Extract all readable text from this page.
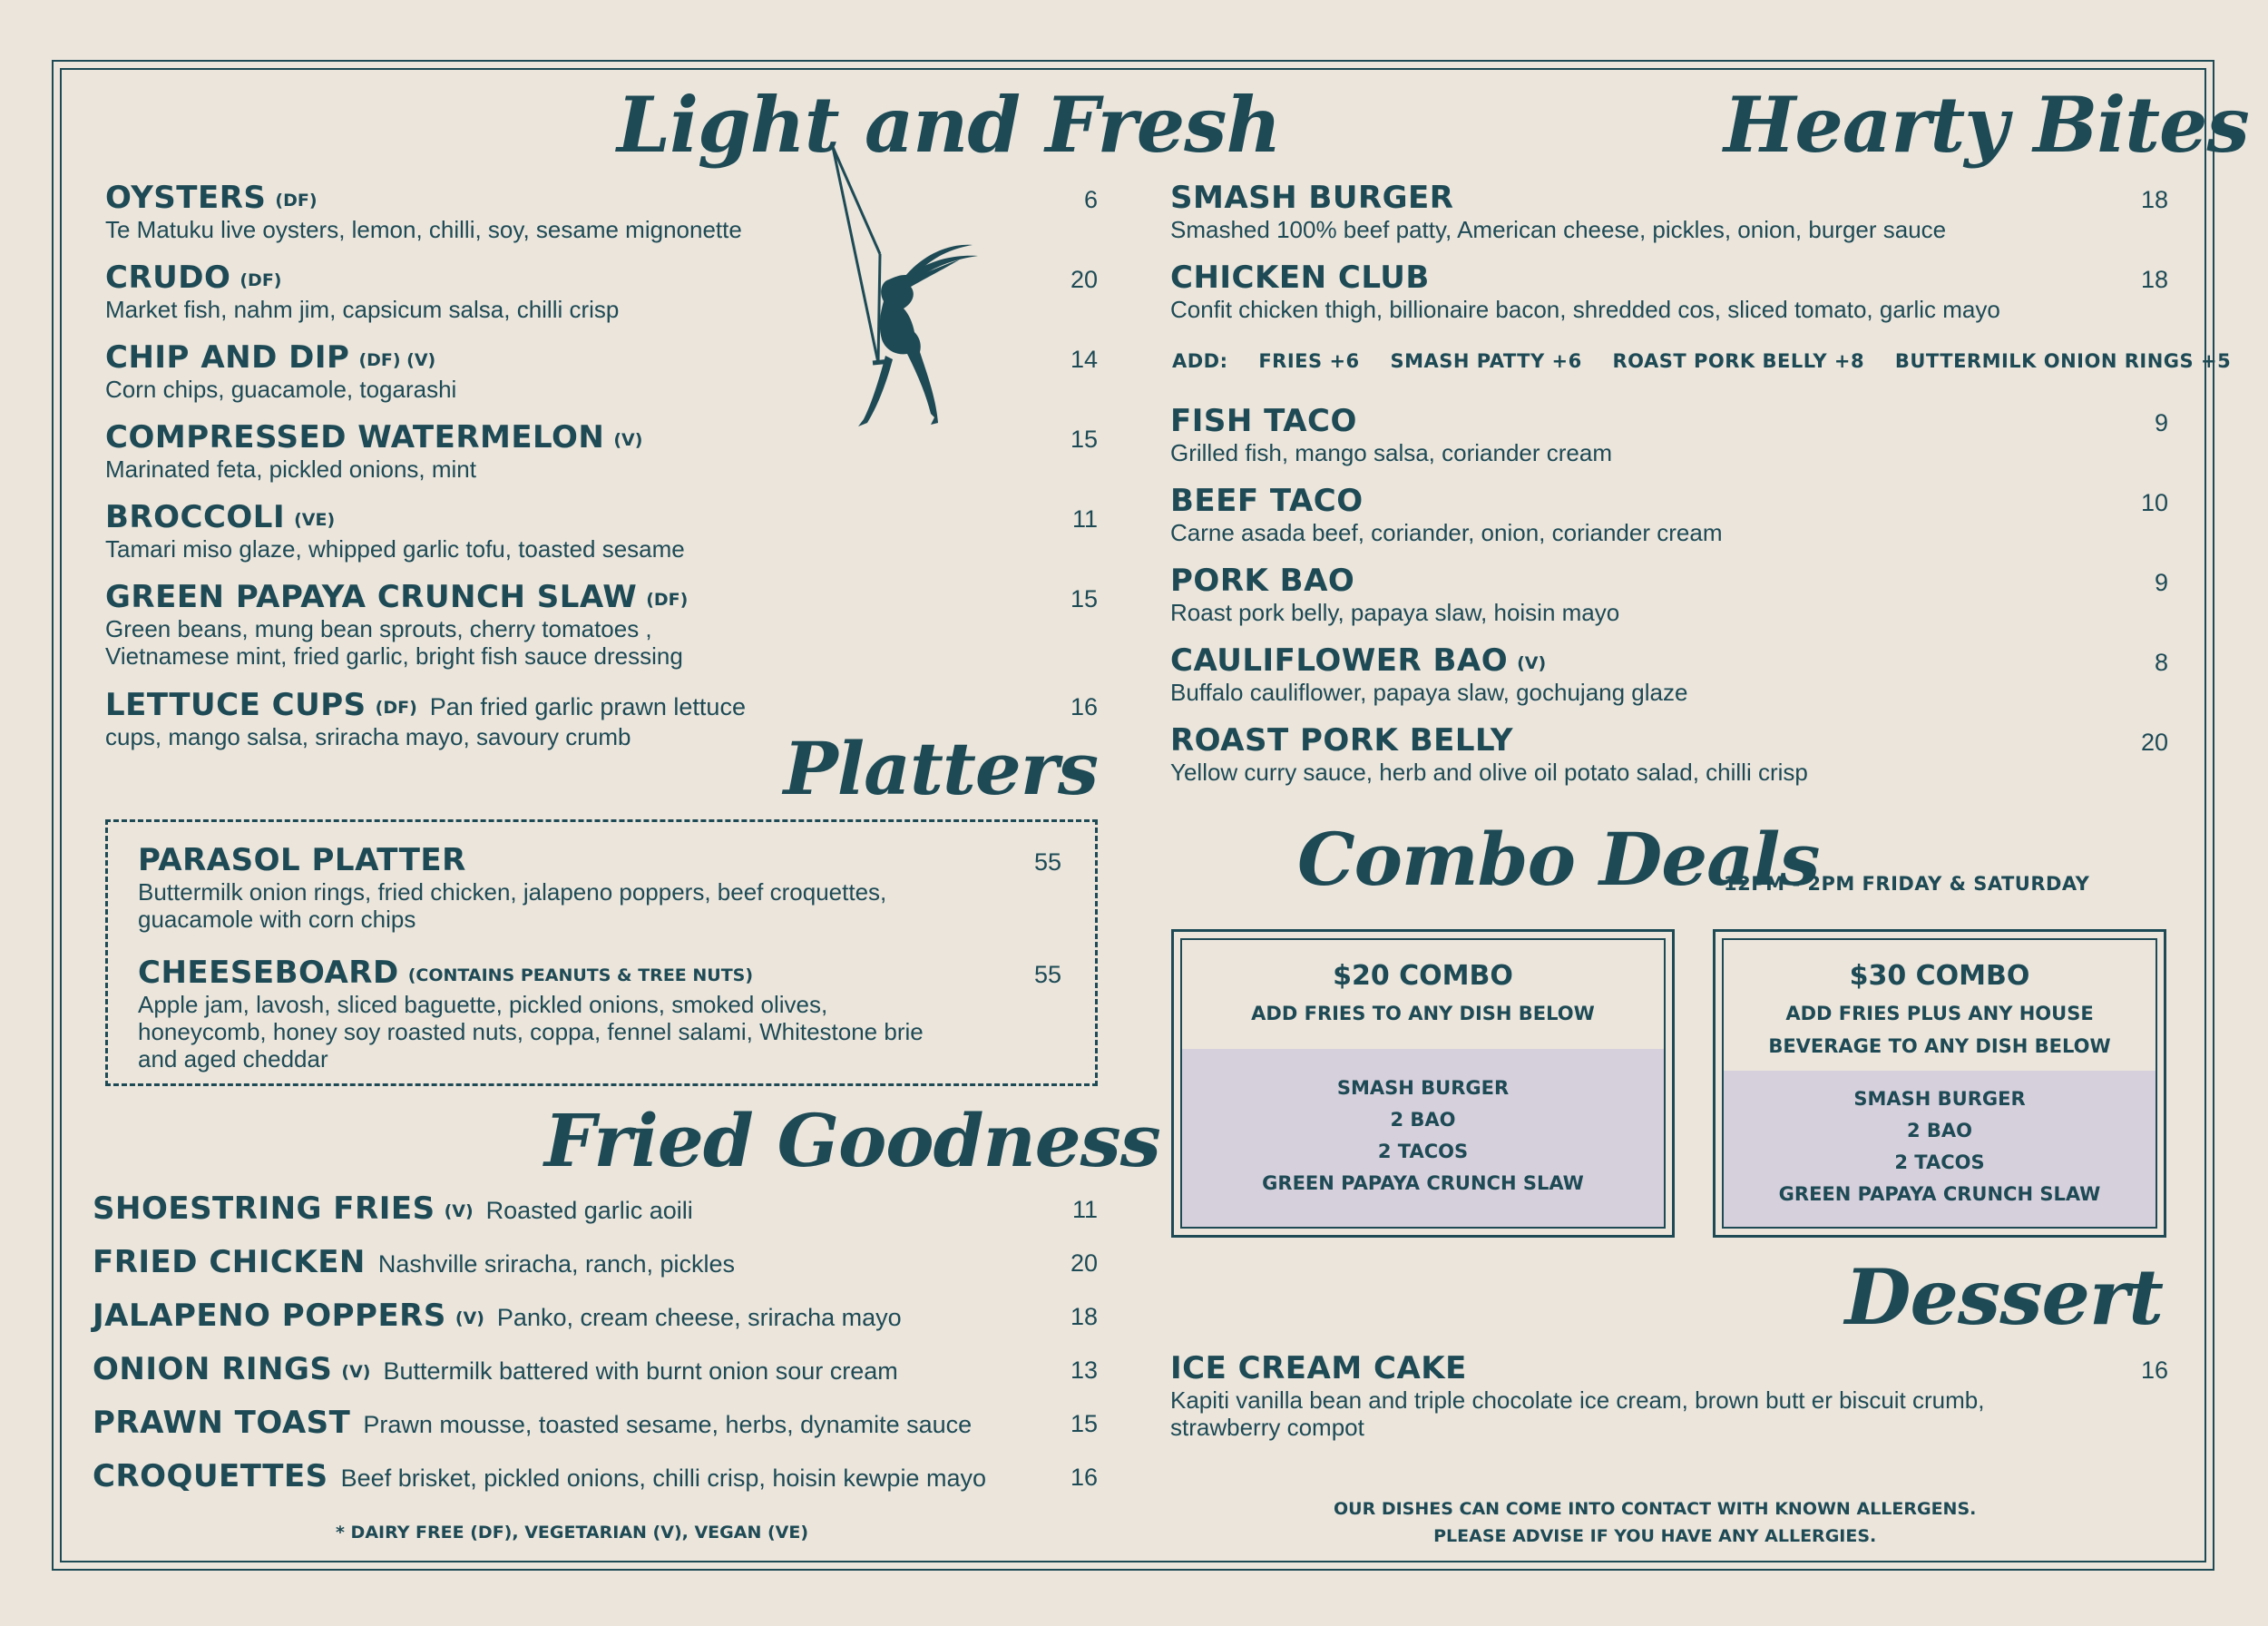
Light and Fresh
OYSTERS (DF)
Te Matuku live oysters, lemon, chilli, soy, sesame mignonette
6
CRUDO (DF)
Market fish, nahm jim, capsicum salsa, chilli crisp
20
CHIP AND DIP (DF) (V)
Corn chips, guacamole, togarashi
14
COMPRESSED WATERMELON (V)
Marinated feta, pickled onions, mint
15
BROCCOLI (VE)
Tamari miso glaze, whipped garlic tofu, toasted sesame
11
GREEN PAPAYA CRUNCH SLAW (DF)
Green beans, mung bean sprouts, cherry tomatoes ,
Vietnamese mint, fried garlic, bright fish sauce dressing
15
LETTUCE CUPS (DF) Pan fried garlic prawn lettuce
cups, mango salsa, sriracha mayo, savoury crumb
16
Platters
PARASOL PLATTER
Buttermilk onion rings, fried chicken, jalapeno poppers, beef croquettes,
guacamole with corn chips
55
CHEESEBOARD (CONTAINS PEANUTS & TREE NUTS)
Apple jam, lavosh, sliced baguette, pickled onions, smoked olives,
honeycomb, honey soy roasted nuts, coppa, fennel salami, Whitestone brie
and aged cheddar
55
Fried Goodness
SHOESTRING FRIES (V) Roasted garlic aoili	11
FRIED CHICKEN Nashville sriracha, ranch, pickles	20
JALAPENO POPPERS (V) Panko, cream cheese, sriracha mayo	18
ONION RINGS (V) Buttermilk battered with burnt onion sour cream	13
PRAWN TOAST Prawn mousse, toasted sesame, herbs, dynamite sauce	15
CROQUETTES Beef brisket, pickled onions, chilli crisp, hoisin kewpie mayo	16
* DAIRY FREE (DF), VEGETARIAN (V), VEGAN (VE)
Hearty Bites
SMASH BURGER
Smashed 100% beef patty, American cheese, pickles, onion, burger sauce
18
CHICKEN CLUB
Confit chicken thigh, billionaire bacon, shredded cos, sliced tomato, garlic mayo
18
ADD: FRIES +6 SMASH PATTY +6 ROAST PORK BELLY +8 BUTTERMILK ONION RINGS +5
FISH TACO
Grilled fish, mango salsa, coriander cream
9
BEEF TACO
Carne asada beef, coriander, onion, coriander cream
10
PORK BAO
Roast pork belly, papaya slaw, hoisin mayo
9
CAULIFLOWER BAO (V)
Buffalo cauliflower, papaya slaw, gochujang glaze
8
ROAST PORK BELLY
Yellow curry sauce, herb and olive oil potato salad, chilli crisp
20
Combo Deals
12PM - 2PM FRIDAY & SATURDAY
$20 COMBO
ADD FRIES TO ANY DISH BELOW
SMASH BURGER
2 BAO
2 TACOS
GREEN PAPAYA CRUNCH SLAW
$30 COMBO
ADD FRIES PLUS ANY HOUSE
BEVERAGE TO ANY DISH BELOW
SMASH BURGER
2 BAO
2 TACOS
GREEN PAPAYA CRUNCH SLAW
Dessert
ICE CREAM CAKE
Kapiti vanilla bean and triple chocolate ice cream, brown butt er biscuit crumb,
strawberry compot
16
OUR DISHES CAN COME INTO CONTACT WITH KNOWN ALLERGENS.
PLEASE ADVISE IF YOU HAVE ANY ALLERGIES.
